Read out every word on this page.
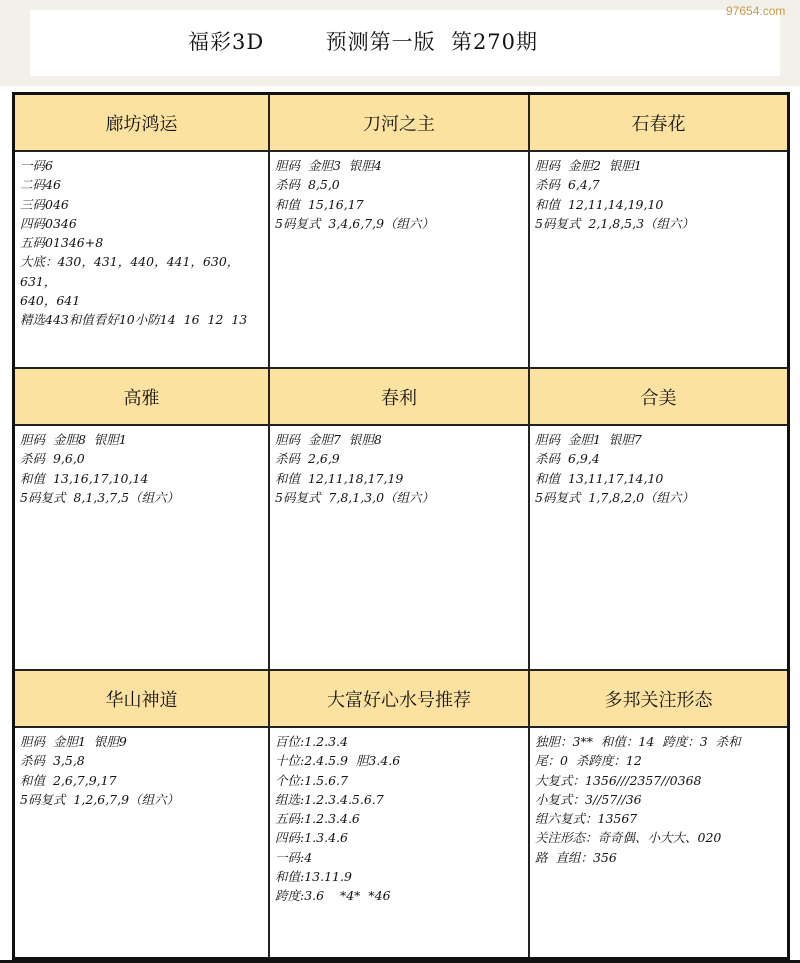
福彩3D        预测第一版  第270期
97654.com
廊坊鸿运
一码6
二码46
三码046
四码0346
五码01346+8
大底：430，431，440，441，630，631，
640，641
精选443和值看好10小防14  16  12  13
刀河之主
胆码  金胆3  银胆4
杀码  8,5,0
和值  15,16,17
5码复式  3,4,6,7,9（组六）
石春花
胆码  金胆2  银胆1
杀码  6,4,7
和值  12,11,14,19,10
5码复式  2,1,8,5,3（组六）
高雅
胆码  金胆8  银胆1
杀码  9,6,0
和值  13,16,17,10,14
5码复式  8,1,3,7,5（组六）
春利
胆码  金胆7  银胆8
杀码  2,6,9
和值  12,11,18,17,19
5码复式  7,8,1,3,0（组六）
合美
胆码  金胆1  银胆7
杀码  6,9,4
和值  13,11,17,14,10
5码复式  1,7,8,2,0（组六）
华山神道
胆码  金胆1  银胆9
杀码  3,5,8
和值  2,6,7,9,17
5码复式  1,2,6,7,9（组六）
大富好心水号推荐
百位:1.2.3.4
十位:2.4.5.9  胆3.4.6
个位:1.5.6.7
组选:1.2.3.4.5.6.7
五码:1.2.3.4.6
四码:1.3.4.6
一码:4
和值:13.11.9
跨度:3.6    *4*  *46
多邦关注形态
独胆：3**  和值：14  跨度：3  杀和
尾：0  杀跨度：12
大复式：1356///2357//0368
小复式：3//57//36
组六复式：13567
关注形态：奇奇偶、小大大、020
路  直组：356
